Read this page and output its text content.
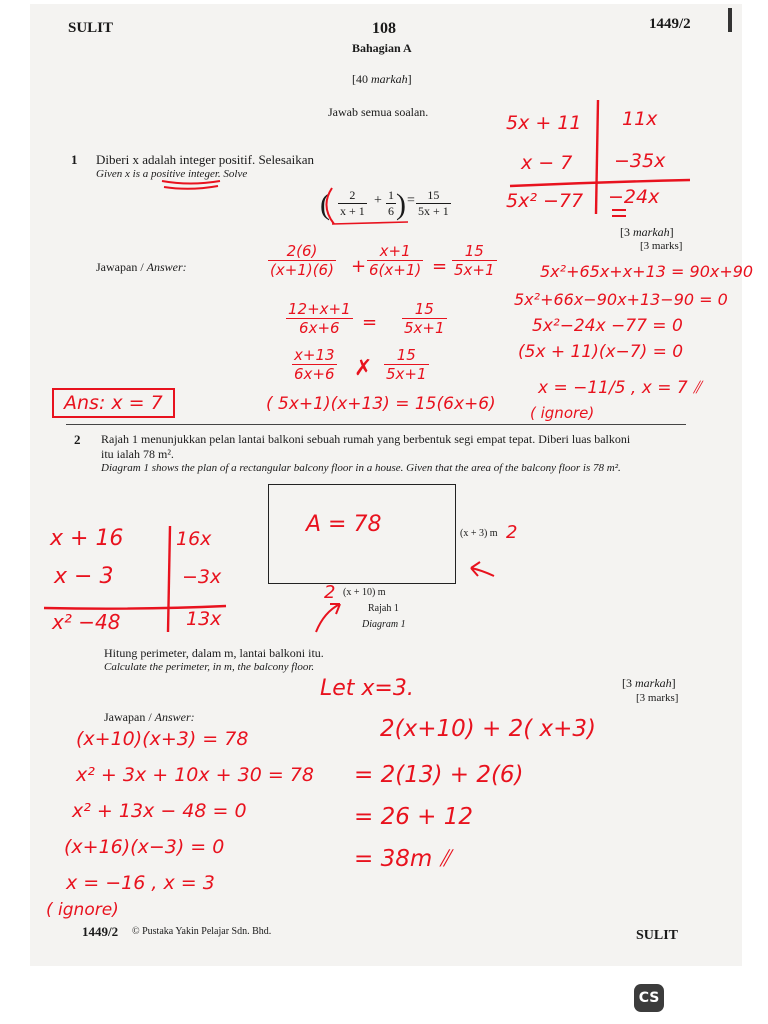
SULIT	108	1449/2
Bahagian A
[40 markah]
Jawab semua soalan.
1 Diberi x adalah integer positif. Selesaikan
Given x is a positive integer. Solve
( 2
x + 1
+ 1
6 ) = 15
5x + 1
[3 markah]
[3 marks]
Jawapan / Answer:
5x + 11 11x
x − 7 −35x
5x² −77 −24x
2(6)
(x+1)(6) +
x+1
6(x+1) =
15
5x+1
12+x+1
6x+6 =
15
5x+1
x+13
6x+6 ✗
15
5x+1
( 5x+1)(x+13) = 15(6x+6)
5x²+65x+x+13 = 90x+90
5x²+66x−90x+13−90 = 0
5x²−24x −77 = 0
(5x + 11)(x−7) = 0
x = −11/5 , x = 7 ⫽
( ignore)
Ans: x = 7
2 Rajah 1 menunjukkan pelan lantai balkoni sebuah rumah yang berbentuk segi empat tepat. Diberi luas balkoni
itu ialah 78 m².
Diagram 1 shows the plan of a rectangular balcony floor in a house. Given that the area of the balcony floor is 78 m².
(x + 3) m
(x + 10) m
Rajah 1
Diagram 1
A = 78	2
2
x + 16	16x
x − 3	−3x
x² −48	13x
Hitung perimeter, dalam m, lantai balkoni itu.
Calculate the perimeter, in m, the balcony floor.
[3 markah]
[3 marks]
Jawapan / Answer:
Let x=3.
(x+10)(x+3) = 78
x² + 3x + 10x + 30 = 78
x² + 13x − 48 = 0
(x+16)(x−3) = 0
x = −16 , x = 3
( ignore)
2(x+10) + 2( x+3)
= 2(13) + 2(6)
= 26 + 12
= 38m ⫽
1449/2 © Pustaka Yakin Pelajar Sdn. Bhd.	SULIT
CS
